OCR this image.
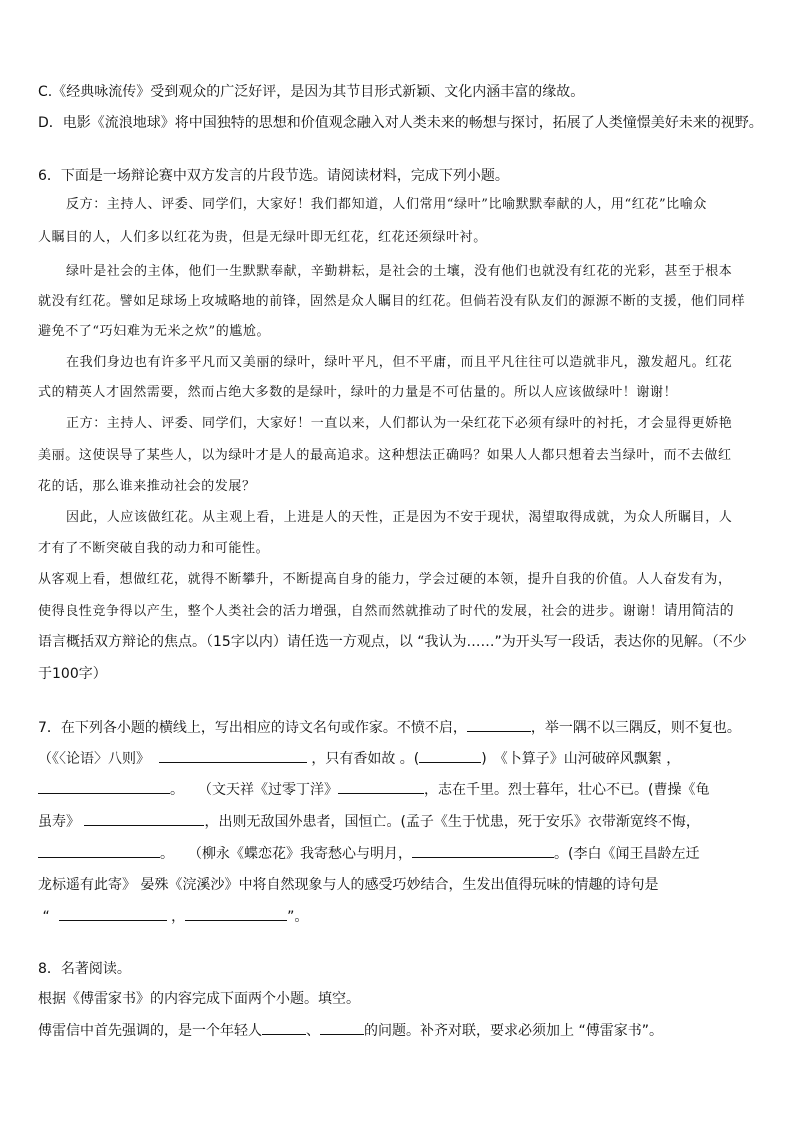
C.《经典咏流传》受到观众的广泛好评，是因为其节目形式新颖、文化内涵丰富的缘故。
D．电影《流浪地球》将中国独特的思想和价值观念融入对人类未来的畅想与探讨，拓展了人类憧憬美好未来的视野。
6．下面是一场辩论赛中双方发言的片段节选。请阅读材料，完成下列小题。
反方：主持人、评委、同学们，大家好！我们都知道，人们常用“绿叶”比喻默默奉献的人，用“红花”比喻众
人瞩目的人，人们多以红花为贵，但是无绿叶即无红花，红花还须绿叶衬。
绿叶是社会的主体，他们一生默默奉献，辛勤耕耘，是社会的土壤，没有他们也就没有红花的光彩，甚至于根本
就没有红花。譬如足球场上攻城略地的前锋，固然是众人瞩目的红花。但倘若没有队友们的源源不断的支援，他们同样
避免不了“巧妇难为无米之炊”的尴尬。
在我们身边也有许多平凡而又美丽的绿叶，绿叶平凡，但不平庸，而且平凡往往可以造就非凡，激发超凡。红花
式的精英人才固然需要，然而占绝大多数的是绿叶，绿叶的力量是不可估量的。所以人应该做绿叶！谢谢！
正方：主持人、评委、同学们，大家好！一直以来，人们都认为一朵红花下必须有绿叶的衬托，才会显得更娇艳
美丽。这使误导了某些人，以为绿叶才是人的最高追求。这种想法正确吗？如果人人都只想着去当绿叶，而不去做红
花的话，那么谁来推动社会的发展？
因此，人应该做红花。从主观上看，上进是人的天性，正是因为不安于现状，渴望取得成就，为众人所瞩目，人
才有了不断突破自我的动力和可能性。
从客观上看，想做红花，就得不断攀升，不断提高自身的能力，学会过硬的本领，提升自我的价值。人人奋发有为，
使得良性竞争得以产生，整个人类社会的活力增强，自然而然就推动了时代的发展，社会的进步。谢谢！请用简洁的
语言概括双方辩论的焦点。（15字以内）请任选一方观点，以 “我认为……”为开头写一段话，表达你的见解。（不少
于100字）
7．在下列各小题的横线上，写出相应的诗文名句或作家。不愤不启，	，举一隅不以三隅反，则不复也。
（《〈论语〉八则》	，只有香如故 。(	)　《卜算子》山河破碎风飘絮 ，
。　　（文天祥《过零丁洋》	，志在千里。烈士暮年，壮心不已。(曹操《龟
虽寿》	，出则无敌国外患者，国恒亡。(孟子《生于忧患，死于安乐》衣带渐宽终不悔，
。　　（柳永《蝶恋花》我寄愁心与明月，	。(李白《闻王昌龄左迁
龙标遥有此寄》 晏殊《浣溪沙》中将自然现象与人的感受巧妙结合，生发出值得玩味的情趣的诗句是
“	，	”。
8．名著阅读。
根据《傅雷家书》的内容完成下面两个小题。填空。
傅雷信中首先强调的，是一个年轻人	、	的问题。补齐对联，要求必须加上 “傅雷家书”。
